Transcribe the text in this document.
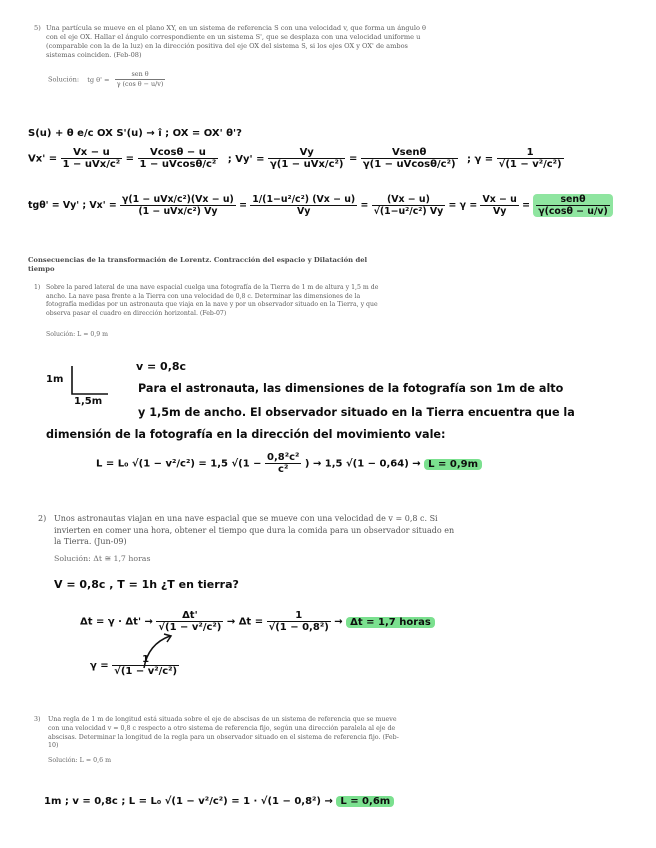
5) Una partícula se mueve en el plano XY, en un sistema de referencia S con una velocidad v, que forma un ángulo θ con el eje OX. Hallar el ángulo correspondiente en un sistema S', que se desplaza con una velocidad uniforme u (comparable con la de la luz) en la dirección positiva del eje OX del sistema S, si los ejes OX y OX' de ambos sistemas coinciden. (Feb-08)
Solución: tg $\theta' = \frac{\text{sen θ}}{\text{γ (cos θ − u/v)}}$
S(u) + θ e/c OX S'(u) → î ; OX = OX' θ'?
$Vx' = \frac{Vx - u}{\text{1 − uVx/c²}} = \frac{Vcos\theta - u}{\text{1 − uVcosθ/c²}}$ ; $Vy' = \frac{Vy}{\text{γ(1 − uVx/c²)}} = \frac{\text{Vsenθ}}{\text{γ(1 − uVcosθ/c²)}}$ ; $\gamma = \frac{1}{\text{√(1 − v²/c²)}}$
tgθ' = Vy' ; $Vx' = \frac{\text{γ(1 − uVx/c²)(Vx − u)}}{\text{(1 − uVx/c²) Vy}} = \frac{\text{1/(1−u²/c²) (Vx − u)}}{Vy} = \frac{(Vx - u)}{\text{√(1−u²/c²) Vy}} = \gamma = \frac{Vx - u}{Vy} = \frac{\text{senθ}}{\gamma(\cos\theta - u/v)}$
Consecuencias de la transformación de Lorentz. Contracción del espacio y Dilatación del tiempo
1) Sobre la pared lateral de una nave espacial cuelga una fotografía de la Tierra de 1 m de altura y 1,5 m de ancho. La nave pasa frente a la Tierra con una velocidad de 0,8 c. Determinar las dimensiones de la fotografía medidas por un astronauta que viaja en la nave y por un observador situado en la Tierra, y que observa pasar el cuadro en dirección horizontal. (Feb-07)
Solución: L = 0,9 m
v = 0,8c
1m
1,5m
Para el astronauta, las dimensiones de la fotografía son 1m de alto
y 1,5m de ancho. El observador situado en la Tierra encuentra que la
dimensión de la fotografía en la dirección del movimiento vale:
L = L₀ √(1 − v²/c²) = 1,5 $√(1 - \frac{\text{0,8²c²}}{\text{c²}}$ ) → 1,5 √(1 − 0,64) → L = 0,9m
2) Unos astronautas viajan en una nave espacial que se mueve con una velocidad de v = 0,8 c. Si invierten en comer una hora, obtener el tiempo que dura la comida para un observador situado en la Tierra. (Jun-09)
Solución: Δt ≅ 1,7 horas
V = 0,8c , T = 1h ¿T en tierra?
$\Delta t = \gamma \cdot \Delta t' \to \frac{\Delta t'}{\text{√(1 − v²/c²)}} \to \Delta t = \frac{1}{\text{√(1 − 0,8²)}} \to \Delta t = 1,7$ horas
$\gamma = \frac{1}{\text{√(1 − v²/c²)}}$
3) Una regla de 1 m de longitud está situada sobre el eje de abscisas de un sistema de referencia que se mueve con una velocidad v = 0,8 c respecto a otro sistema de referencia fijo, según una dirección paralela al eje de abscisas. Determinar la longitud de la regla para un observador situado en el sistema de referencia fijo. (Feb-10)
Solución: L = 0,6 m
1m ; v = 0,8c ; L = L₀ √(1 − v²/c²) = 1 · √(1 − 0,8²) → L = 0,6m
